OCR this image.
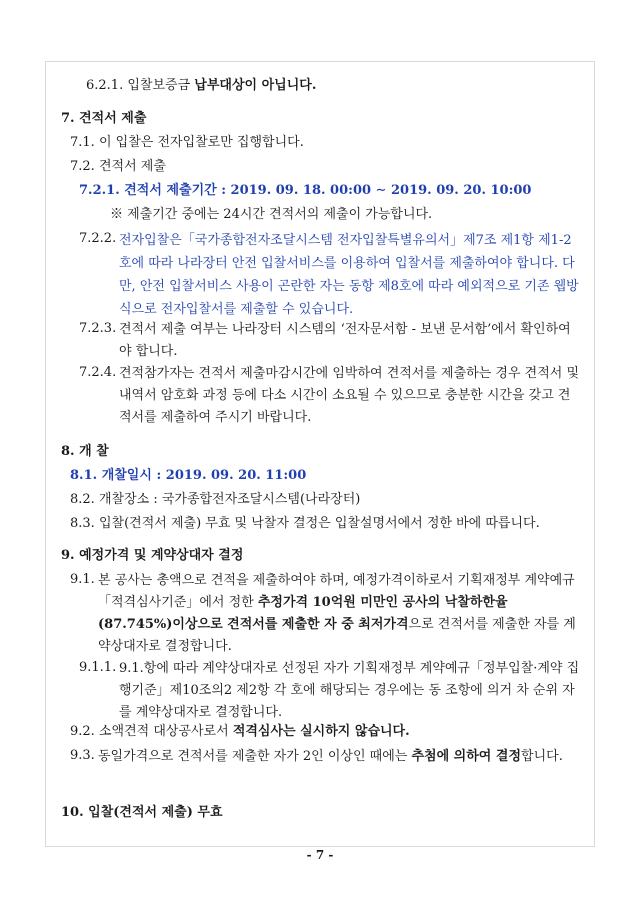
6.2.1. 입찰보증금 납부대상이 아닙니다.
7. 견적서 제출
7.1. 이 입찰은 전자입찰로만 집행합니다.
7.2. 견적서 제출
7.2.1. 견적서 제출기간 : 2019. 09. 18. 00:00 ∼ 2019. 09. 20. 10:00
※ 제출기간 중에는 24시간 견적서의 제출이 가능합니다.
7.2.2. 전자입찰은「국가종합전자조달시스템 전자입찰특별유의서」제7조 제1항 제1-2호에 따라 나라장터 안전 입찰서비스를 이용하여 입찰서를 제출하여야 합니다. 다만, 안전 입찰서비스 사용이 곤란한 자는 동항 제8호에 따라 예외적으로 기존 웹방식으로 전자입찰서를 제출할 수 있습니다.
7.2.3. 견적서 제출 여부는 나라장터 시스템의 ‘전자문서함 - 보낸 문서함’에서 확인하여야 합니다.
7.2.4. 견적참가자는 견적서 제출마감시간에 임박하여 견적서를 제출하는 경우 견적서 및 내역서 암호화 과정 등에 다소 시간이 소요될 수 있으므로 충분한 시간을 갖고 견적서를 제출하여 주시기 바랍니다.
8. 개 찰
8.1. 개찰일시 : 2019. 09. 20. 11:00
8.2. 개찰장소 : 국가종합전자조달시스템(나라장터)
8.3. 입찰(견적서 제출) 무효 및 낙찰자 결정은 입찰설명서에서 정한 바에 따릅니다.
9. 예정가격 및 계약상대자 결정
9.1. 본 공사는 총액으로 견적을 제출하여야 하며, 예정가격이하로서 기획재정부 계약예규「적격심사기준」에서 정한 추정가격 10억원 미만인 공사의 낙찰하한율(87.745%)이상으로 견적서를 제출한 자 중 최저가격으로 견적서를 제출한 자를 계약상대자로 결정합니다.
9.1.1. 9.1.항에 따라 계약상대자로 선정된 자가 기획재정부 계약예규「정부입찰·계약 집행기준」제10조의2 제2항 각 호에 해당되는 경우에는 동 조항에 의거 차 순위 자를 계약상대자로 결정합니다.
9.2. 소액견적 대상공사로서 적격심사는 실시하지 않습니다.
9.3. 동일가격으로 견적서를 제출한 자가 2인 이상인 때에는 추첨에 의하여 결정합니다.
10. 입찰(견적서 제출) 무효
- 7 -
